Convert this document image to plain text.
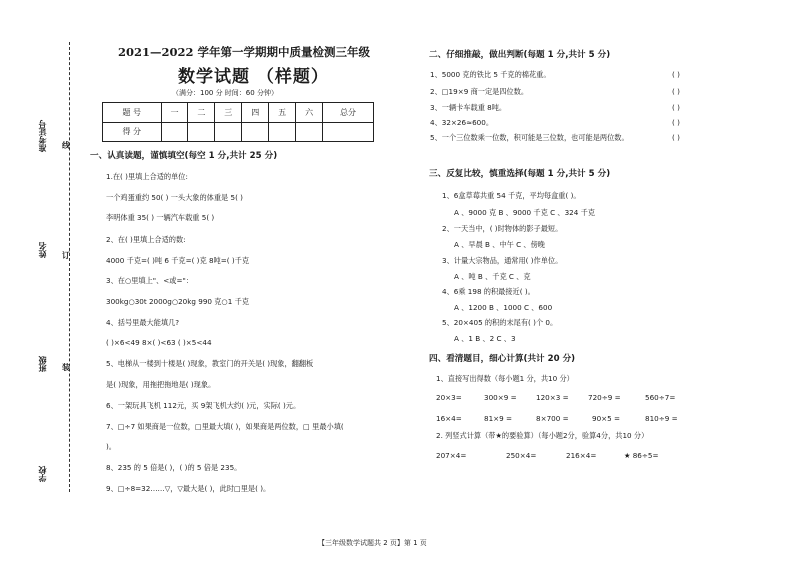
准考证号
姓名
班级
学校
线
订
装
2021—2022 学年第一学期期中质量检测三年级
数学试题 （样题）
（满分：100 分 时间：60 分钟）
题 号	一	二	三	四	五	六	总分
得 分							
一、认真读题，谨慎填空(每空 1 分,共计 25 分)
1.在( )里填上合适的单位:
一个鸡蛋重约 50( ) 一头大象的体重是 5( )
李明体重 35( ) 一辆汽车载重 5( )
2、在( )里填上合适的数:
4000 千克=( )吨 6 千克=( )克 8吨=( )千克
3、在○里填上"、<或="：
300kg○30t 2000g○20kg 990 克○1 千克
4、括号里最大能填几?
( )×6<49 8×( )<63 ( )×5<44
5、电梯从一楼到十楼是( )现象，教室门的开关是( )现象，翻翻板
是( )现象，用拖把拖地是( )现象。
6、一架玩具飞机 112元，买 9架飞机大约( )元，实际( )元。
7、□÷7 如果商是一位数，□里最大填( )，如果商是两位数，□ 里最小填(
)。
8、235 的 5 倍是( )，( )的 5 倍是 235。
9、□÷8=32……▽，▽最大是( )，此时□里是( )。
二、仔细推敲，做出判断(每题 1 分,共计 5 分)
1、5000 克的铁比 5 千克的棉花重。
2、□19×9 商一定是四位数。
3、一辆卡车载重 8吨。
4、32×26≈600。
5、一个三位数乘一位数，积可能是三位数，也可能是两位数。
( )
( )
( )
( )
( )
三、反复比较，慎重选择(每题 1 分,共计 5 分)
1、6盒草莓共重 54 千克，平均每盒重( )。
A 、9000 克 B 、9000 千克 C 、324 千克
2、一天当中，( )时物体的影子最短。
A 、早晨 B 、中午 C 、傍晚
3、计量大宗物品，通常用( )作单位。
A 、吨 B 、千克 C 、克
4、6乘 198 的积最接近( )。
A 、1200 B 、1000 C 、600
5、20×405 的积的末尾有( )个 0。
A 、1 B 、2 C 、3
四、看清题目，细心计算(共计 20 分)
1、直接写出得数（每小题1 分，共10 分）
20×3=	300×9 =	120×3 =	720÷9 =	560÷7=
16×4=	81×9 =	8×700 =	90×5 =	810÷9 =
2. 列竖式计算（带★的要验算）（每小题2分，验算4分，共10 分）
207×4=	250×4=	216×4=	★ 86÷5=
【三年级数学试题共 2 页】第 1 页
